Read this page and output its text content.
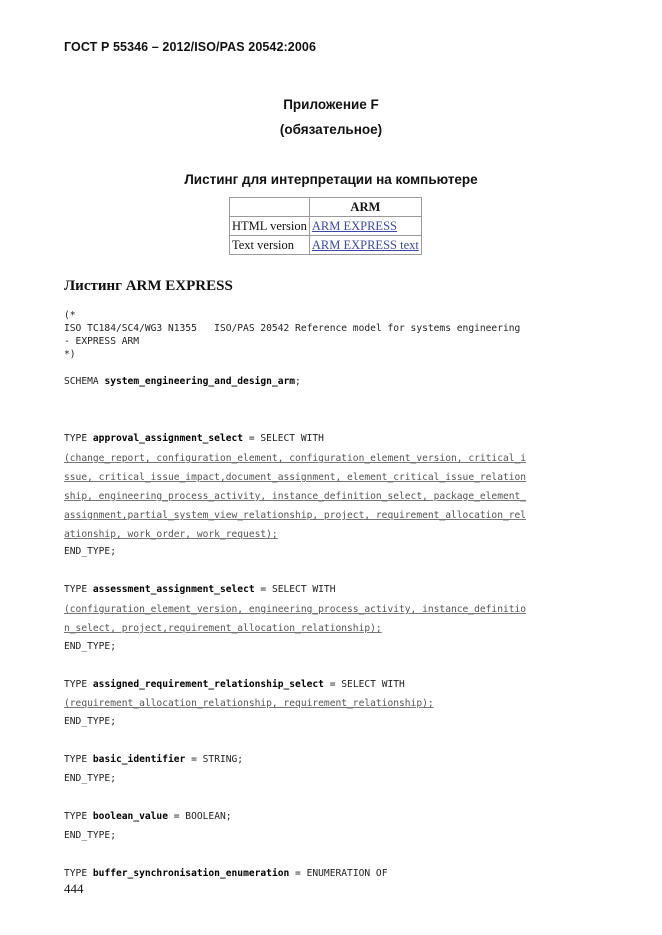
ГОСТ Р 55346 – 2012/ISO/PAS 20542:2006
Приложение F
(обязательное)
Листинг для интерпретации на компьютере
	ARM
HTML version	ARM EXPRESS
Text version	ARM EXPRESS text
Листинг ARM EXPRESS
(*
ISO TC184/SC4/WG3 N1355   ISO/PAS 20542 Reference model for systems engineering
- EXPRESS ARM
*)
SCHEMA system_engineering_and_design_arm;
TYPE approval_assignment_select = SELECT WITH
(change_report, configuration_element, configuration_element_version, critical_i
ssue, critical_issue_impact,document_assignment, element_critical_issue_relation
ship, engineering_process_activity, instance_definition_select, package_element_
assignment,partial_system_view_relationship, project, requirement_allocation_rel
ationship, work_order, work_request);
END_TYPE;
TYPE assessment_assignment_select = SELECT WITH
(configuration_element_version, engineering_process_activity, instance_definitio
n_select, project,requirement_allocation_relationship);
END_TYPE;
TYPE assigned_requirement_relationship_select = SELECT WITH
(requirement_allocation_relationship, requirement_relationship);
END_TYPE;
TYPE basic_identifier = STRING;
END_TYPE;
TYPE boolean_value = BOOLEAN;
END_TYPE;
TYPE buffer_synchronisation_enumeration = ENUMERATION OF
444
